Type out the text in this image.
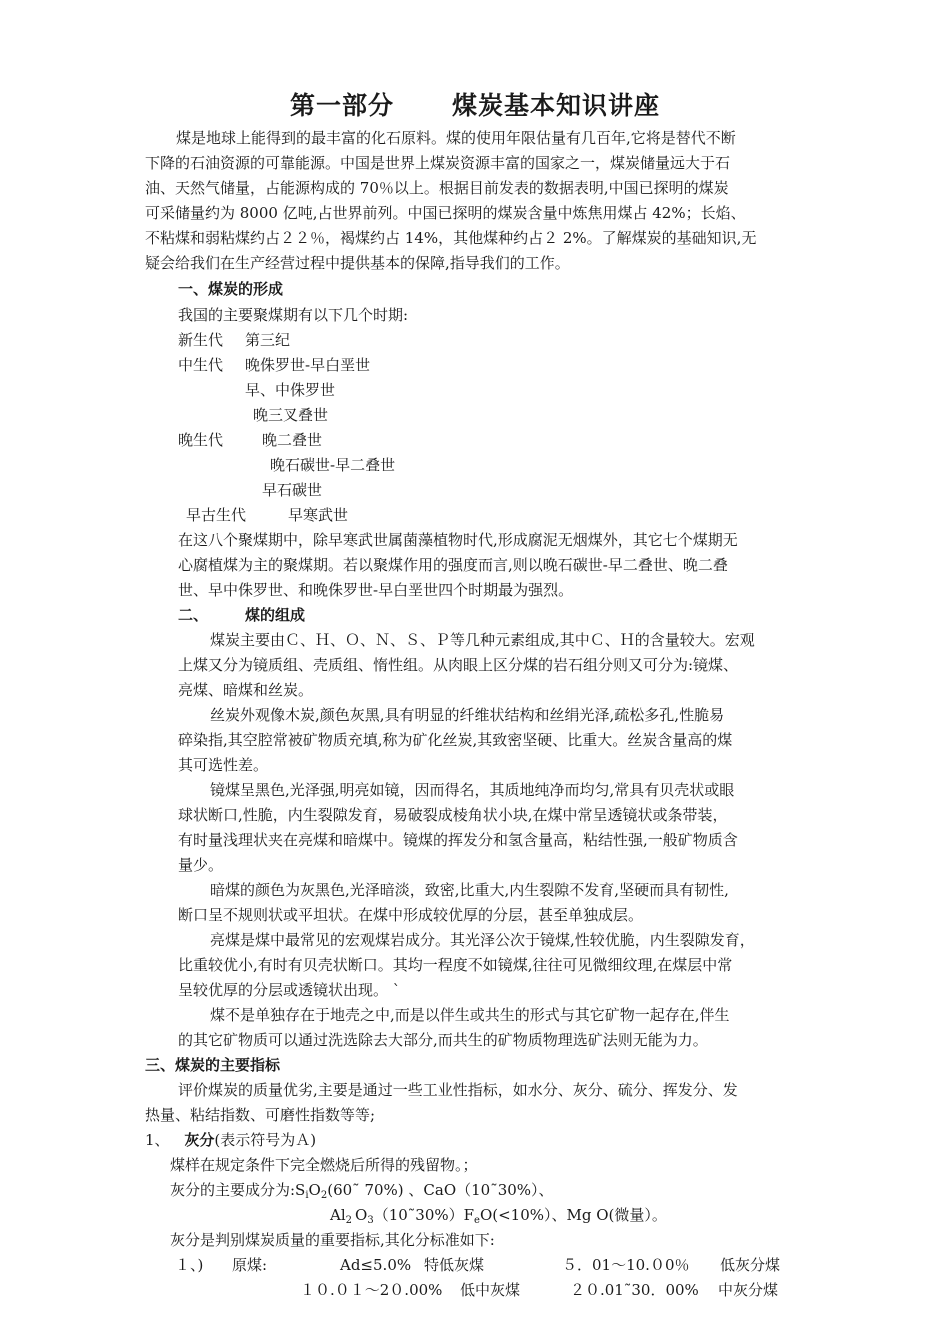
第一部分 煤炭基本知识讲座
煤是地球上能得到的最丰富的化石原料。煤的使用年限估量有几百年,它将是替代不断
下降的石油资源的可靠能源。中国是世界上煤炭资源丰富的国家之一，煤炭储量远大于石
油、天然气储量，占能源构成的 70％以上。根据目前发表的数据表明,中国已探明的煤炭
可采储量约为 8000 亿吨,占世界前列。中国已探明的煤炭含量中炼焦用煤占 42%；长焰、
不粘煤和弱粘煤约占２２％，褐煤约占 14%，其他煤种约占２ 2%。了解煤炭的基础知识,无
疑会给我们在生产经营过程中提供基本的保障,指导我们的工作。
一、煤炭的形成
我国的主要聚煤期有以下几个时期:
新生代 第三纪
中生代 晚侏罗世-早白垩世
早、中侏罗世
晚三叉叠世
晚生代	晚二叠世
晚石碳世-早二叠世
早石碳世
早古生代	早寒武世
在这八个聚煤期中，除早寒武世属菌藻植物时代,形成腐泥无烟煤外，其它七个煤期无
心腐植煤为主的聚煤期。若以聚煤作用的强度而言,则以晚石碳世-早二叠世、晚二叠
世、早中侏罗世、和晚侏罗世-早白垩世四个时期最为强烈。
二、 煤的组成
煤炭主要由Ｃ、Ｈ、Ｏ、Ｎ、Ｓ、Ｐ等几种元素组成,其中Ｃ、Ｈ的含量较大。宏观
上煤又分为镜质组、壳质组、惰性组。从肉眼上区分煤的岩石组分则又可分为:镜煤、
亮煤、暗煤和丝炭。
丝炭外观像木炭,颜色灰黑,具有明显的纤维状结构和丝绢光泽,疏松多孔,性脆易
碎染指,其空腔常被矿物质充填,称为矿化丝炭,其致密坚硬、比重大。丝炭含量高的煤
其可选性差。
镜煤呈黑色,光泽强,明亮如镜，因而得名，其质地纯净而均匀,常具有贝壳状或眼
球状断口,性脆，内生裂隙发育，易破裂成棱角状小块,在煤中常呈透镜状或条带装，
有时量浅理状夹在亮煤和暗煤中。镜煤的挥发分和氢含量高，粘结性强,一般矿物质含
量少。
暗煤的颜色为灰黑色,光泽暗淡，致密,比重大,内生裂隙不发育,坚硬而具有韧性,
断口呈不规则状或平坦状。在煤中形成较优厚的分层，甚至单独成层。
亮煤是煤中最常见的宏观煤岩成分。其光泽公次于镜煤,性较优脆，内生裂隙发育，
比重较优小,有时有贝壳状断口。其均一程度不如镜煤,往往可见微细纹理,在煤层中常
呈较优厚的分层或透镜状出现。 `
煤不是单独存在于地壳之中,而是以伴生或共生的形式与其它矿物一起存在,伴生
的其它矿物质可以通过洗选除去大部分,而共生的矿物质物理选矿法则无能为力。
三、煤炭的主要指标
评价煤炭的质量优劣,主要是通过一些工业性指标，如水分、灰分、硫分、挥发分、发
热量、粘结指数、可磨性指数等等;
1、 灰分(表示符号为Ａ)
煤样在规定条件下完全燃烧后所得的残留物。；
灰分的主要成分为$:S_iO_2(60˜$ 70%) 、CaO（10˜30%）、
$Al_2$ $O_3(10˜30\%)F_eO(<10\%)$、Mg O(微量）。
灰分是判别煤炭质量的重要指标,其化分标准如下:
１、) 原煤:	Ad≤5.0% 特低灰煤	５．01～10.０0％ 低灰分煤
１０.０１～2０.00% 低中灰煤	２０.01˜30．00% 中灰分煤
